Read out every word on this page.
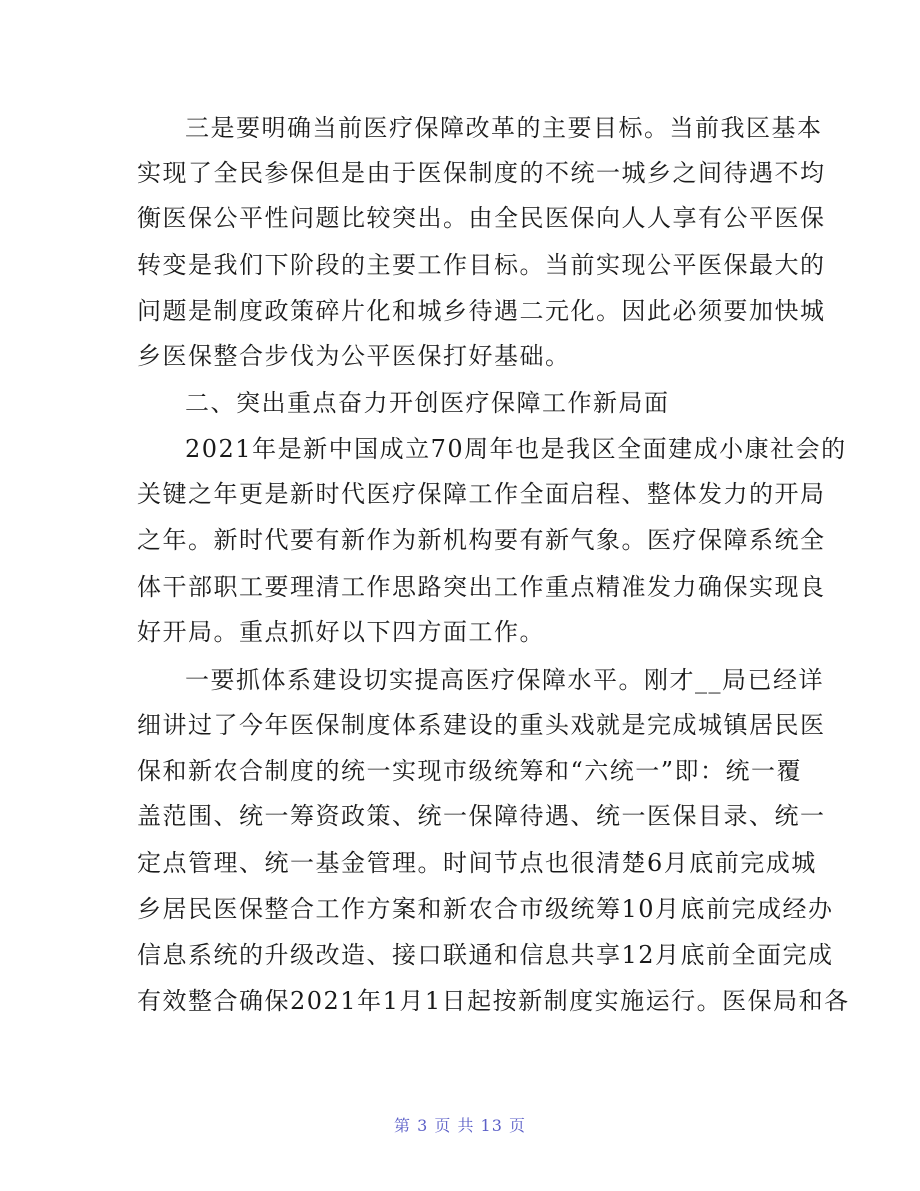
三是要明确当前医疗保障改革的主要目标。当前我区基本
实现了全民参保但是由于医保制度的不统一城乡之间待遇不均
衡医保公平性问题比较突出。由全民医保向人人享有公平医保
转变是我们下阶段的主要工作目标。当前实现公平医保最大的
问题是制度政策碎片化和城乡待遇二元化。因此必须要加快城
乡医保整合步伐为公平医保打好基础。
二、突出重点奋力开创医疗保障工作新局面
2021年是新中国成立70周年也是我区全面建成小康社会的
关键之年更是新时代医疗保障工作全面启程、整体发力的开局
之年。新时代要有新作为新机构要有新气象。医疗保障系统全
体干部职工要理清工作思路突出工作重点精准发力确保实现良
好开局。重点抓好以下四方面工作。
一要抓体系建设切实提高医疗保障水平。刚才__局已经详
细讲过了今年医保制度体系建设的重头戏就是完成城镇居民医
保和新农合制度的统一实现市级统筹和“六统一”即：统一覆
盖范围、统一筹资政策、统一保障待遇、统一医保目录、统一
定点管理、统一基金管理。时间节点也很清楚6月底前完成城
乡居民医保整合工作方案和新农合市级统筹10月底前完成经办
信息系统的升级改造、接口联通和信息共享12月底前全面完成
有效整合确保2021年1月1日起按新制度实施运行。医保局和各
第 3 页 共 13 页
